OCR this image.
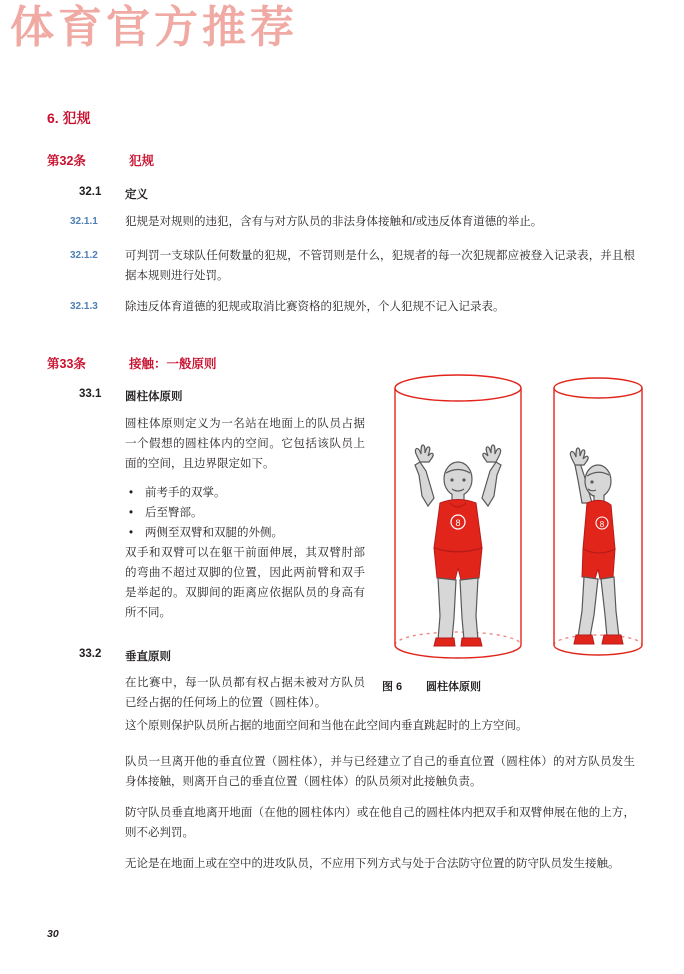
体育官方推荐
6. 犯规
第32条	犯规
32.1	定义
32.1.1 犯规是对规则的违犯，含有与对方队员的非法身体接触和/或违反体育道德的举止。
32.1.2 可判罚一支球队任何数量的犯规，不管罚则是什么，犯规者的每一次犯规都应被登入记录表，并且根据本规则进行处罚。
32.1.3 除违反体育道德的犯规或取消比赛资格的犯规外，个人犯规不记入记录表。
第33条	接触：一般原则
33.1	圆柱体原则
圆柱体原则定义为一名站在地面上的队员占据一个假想的圆柱体内的空间。它包括该队员上面的空间，且边界限定如下。
• 前考手的双掌。
• 后至臀部。
• 两侧至双臂和双腿的外侧。
双手和双臂可以在躯干前面伸展，其双臂肘部的弯曲不超过双脚的位置，因此两前臂和双手是举起的。双脚间的距离应依据队员的身高有所不同。
33.2	垂直原则
在比赛中，每一队员都有权占据未被对方队员已经占据的任何场上的位置（圆柱体）。
这个原则保护队员所占据的地面空间和当他在此空间内垂直跳起时的上方空间。
队员一旦离开他的垂直位置（圆柱体），并与已经建立了自己的垂直位置（圆柱体）的对方队员发生身体接触，则离开自己的垂直位置（圆柱体）的队员须对此接触负责。
防守队员垂直地离开地面（在他的圆柱体内）或在他自己的圆柱体内把双手和双臂伸展在他的上方，则不必判罚。
无论是在地面上或在空中的进攻队员，不应用下列方式与处于合法防守位置的防守队员发生接触。
8	8
图 6 圆柱体原则
30
